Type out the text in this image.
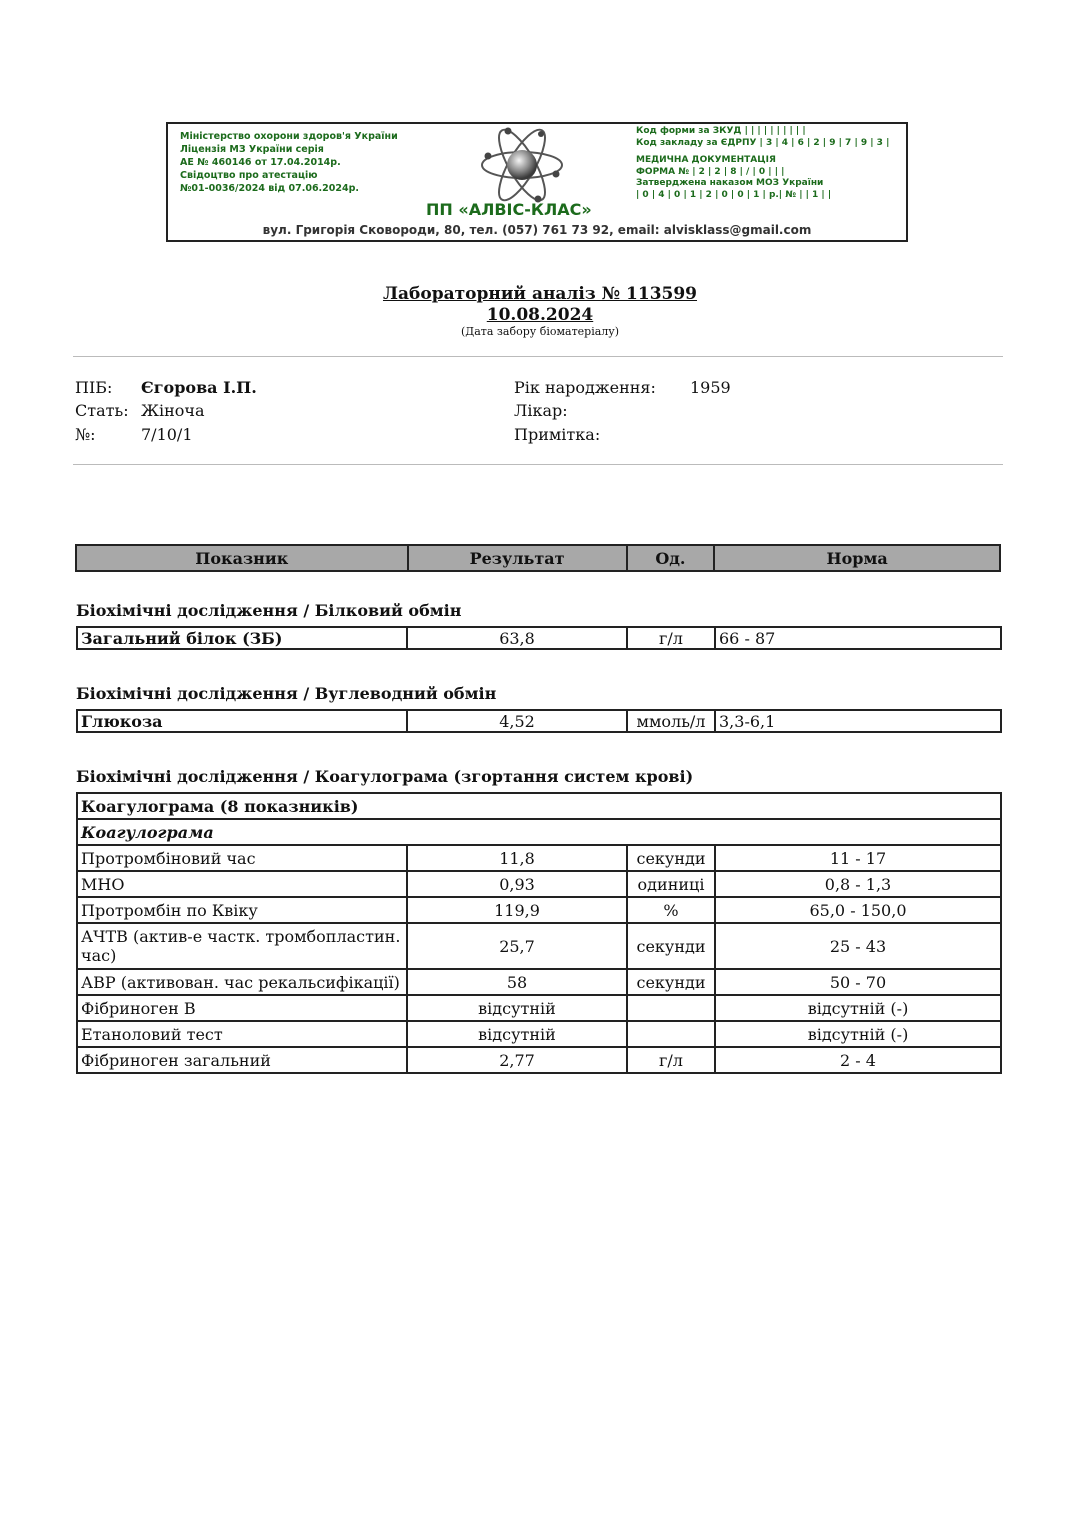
Міністерство охорони здоров'я України
Ліцензія МЗ України серія
АЕ № 460146 от 17.04.2014р.
Свідоцтво про атестацію
№01-0036/2024 від 07.06.2024р.
Код форми за ЗКУД | | | | | | | | | |
Код закладу за ЄДРПУ | 3 | 4 | 6 | 2 | 9 | 7 | 9 | 3 |
МЕДИЧНА ДОКУМЕНТАЦІЯ
ФОРМА № | 2 | 2 | 8 | / | 0 | | |
Затверджена наказом МОЗ України
| 0 | 4 | 0 | 1 | 2 | 0 | 0 | 1 | р.| № | | 1 | |
ПП «АЛВІС-КЛАС»
вул. Григорія Сковороди, 80, тел. (057) 761 73 92, email: alvisklass@gmail.com
Лабораторний аналіз № 113599
10.08.2024
(Дата забору біоматеріалу)
ПІБ: Єгорова І.П.
Стать: Жіноча
№:	7/10/1
Рік народження: 1959
Лікар:
Примітка:
Показник	Результат	Од.	Норма
Біохімічні дослідження / Білковий обмін
Загальний білок (ЗБ)	63,8	г/л	66 - 87
Біохімічні дослідження / Вуглеводний обмін
Глюкоза	4,52	ммоль/л	3,3-6,1
Біохімічні дослідження / Коагулограма (згортання систем крові)
Коагулограма (8 показників)			
Коагулограма			
Протромбіновий час	11,8	секунди	11 - 17
МНО	0,93	одиниці	0,8 - 1,3
Протромбін по Квіку	119,9	%	65,0 - 150,0
АЧТВ (актив-е частк. тромбопластин. час)	25,7	секунди	25 - 43
АВР (активован. час рекальсифікації)	58	секунди	50 - 70
Фібриноген В	відсутній		відсутній (-)
Етаноловий тест	відсутній		відсутній (-)
Фібриноген загальний	2,77	г/л	2 - 4
